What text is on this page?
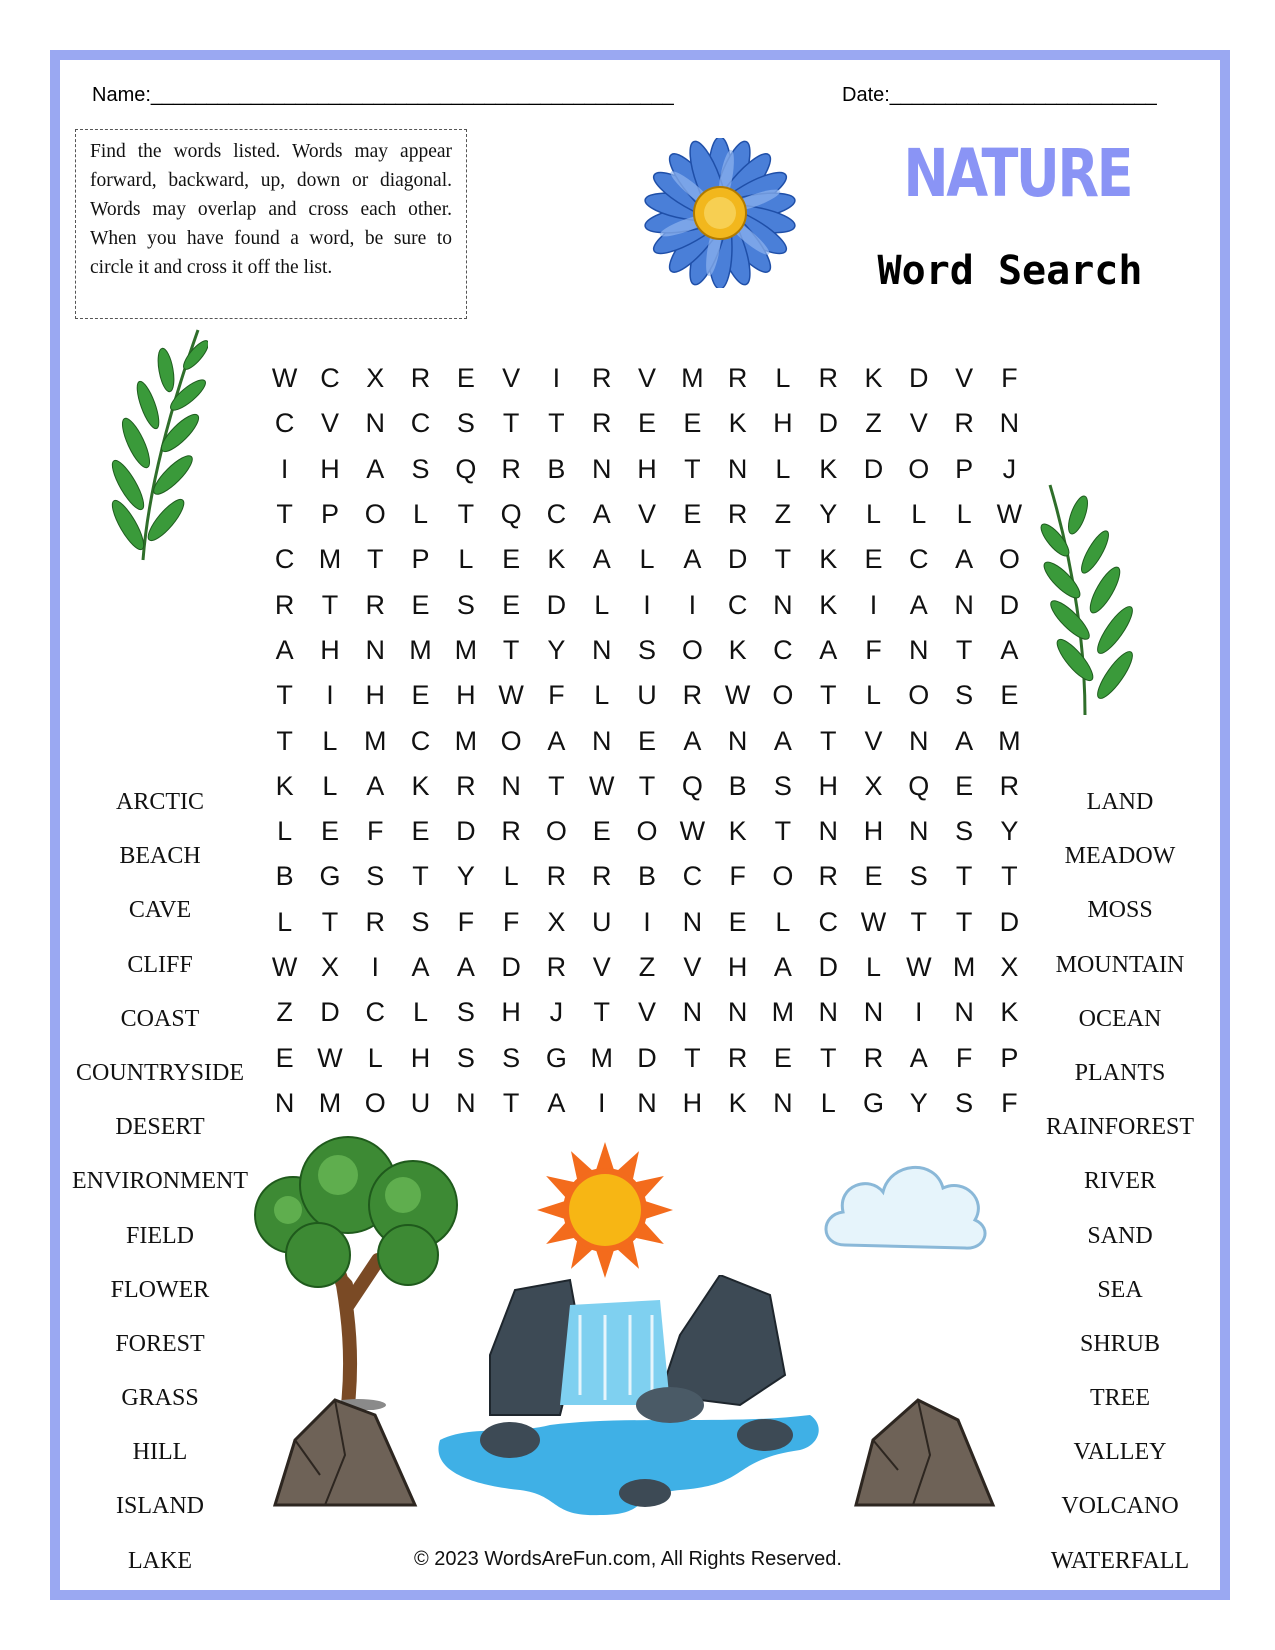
Name:_______________________________________________	Date:________________________
Find the words listed. Words may appear forward, backward, up, down or diagonal. Words may overlap and cross each other. When you have found a word, be sure to circle it and cross it off the list.
NATURE
Word Search
W C X R E	V	I	R V M R	L	R K D V	F
C V N C S	T	T	R E	E	K H D	Z	V R N
I	H A	S Q R B N H	T	N	L	K D O P	J
T	P O	L	T Q C A	V	E R	Z	Y	L	L	L W
C M T	P	L	E	K	A	L	A D	T	K	E C A O
R	T	R E	S	E D	L	I	I	C N K	I	A N D
A H N M M T	Y N S O K C A	F	N	T	A
T	I	H E H W F	L	U R W O T	L	O S	E
T	L M C M O A N E	A N A	T	V N A M
K	L	A	K R N	T W T Q B	S H X Q E R
L	E	F	E D R O E O W K	T	N H N S	Y
B G S	T	Y	L	R R B C	F O R E	S	T	T
L	T	R S	F	F	X U	I	N E	L	C W T	T	D
W X	I	A	A D R V	Z	V H A D	L W M X
Z	D C	L	S H	J	T	V N N M N N	I	N K
E W L	H S	S G M D	T	R E	T	R A	F	P
N M O U N	T	A	I	N H K N	L	G Y	S	F
ARCTIC
BEACH
CAVE
CLIFF
COAST
COUNTRYSIDE
DESERT
ENVIRONMENT
FIELD
FLOWER
FOREST
GRASS
HILL
ISLAND
LAKE
LAND
MEADOW
MOSS
MOUNTAIN
OCEAN
PLANTS
RAINFOREST
RIVER
SAND
SEA
SHRUB
TREE
VALLEY
VOLCANO
WATERFALL
© 2023 WordsAreFun.com, All Rights Reserved.
